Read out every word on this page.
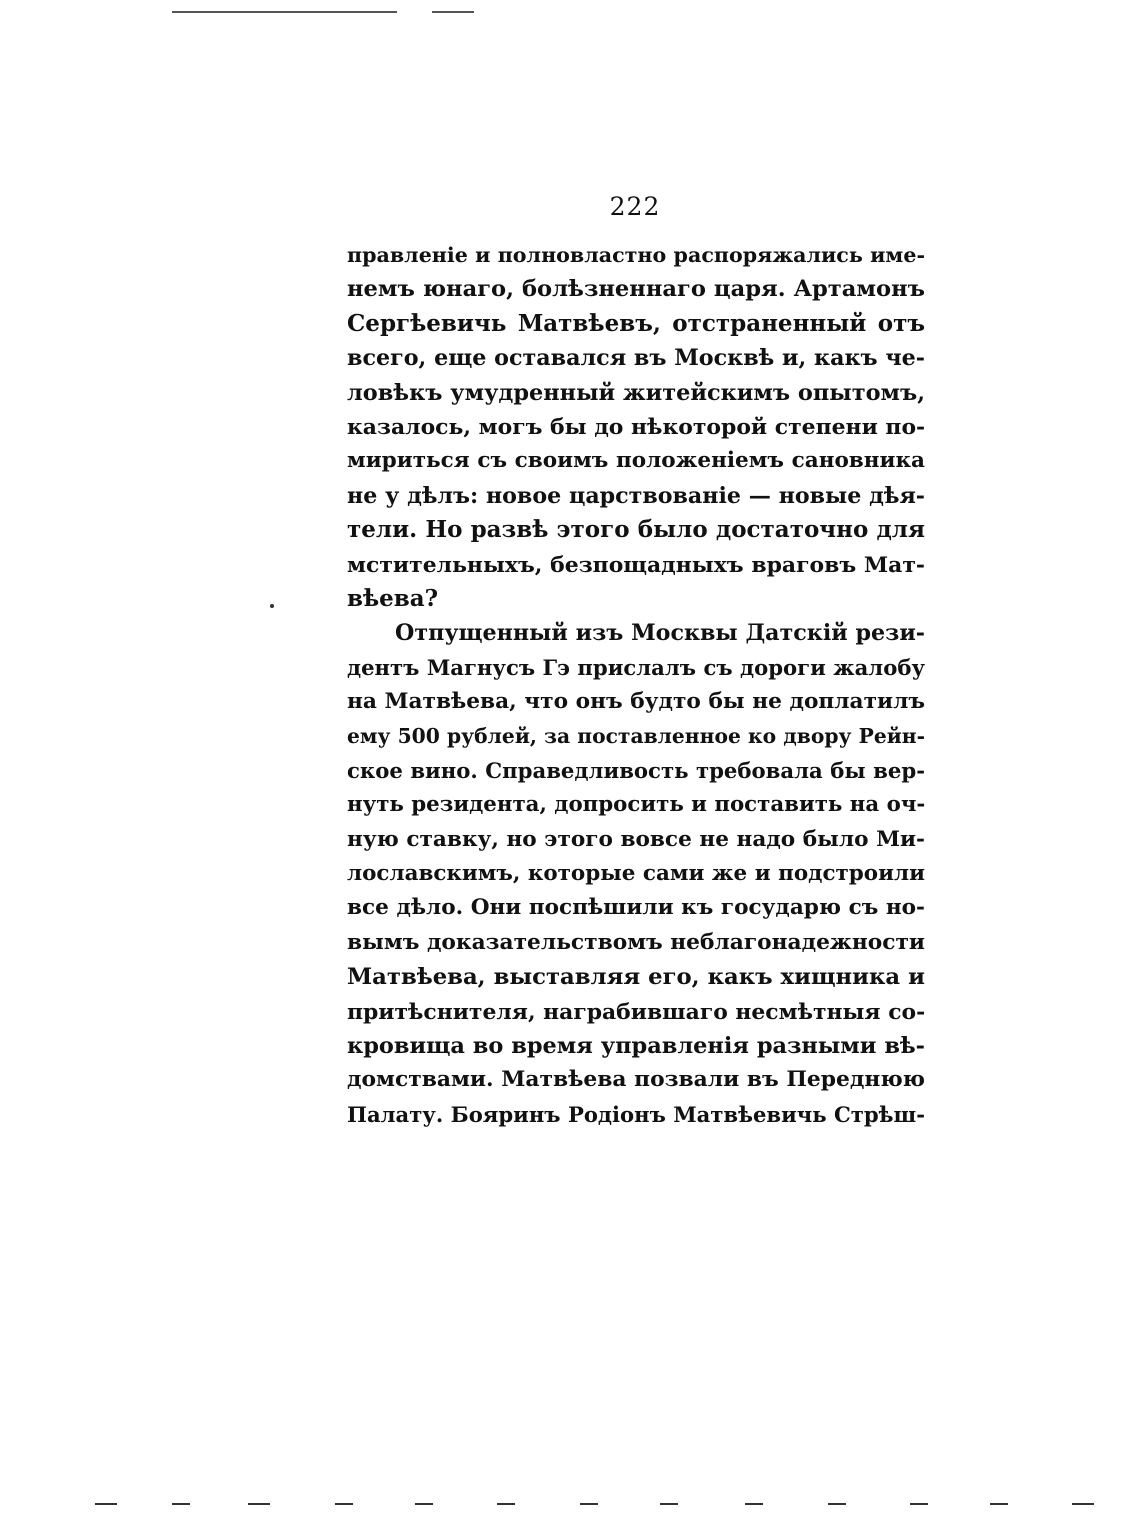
222
правленіе и полновластно распоряжались име-
немъ юнаго, болѣзненнаго царя. Артамонъ
Сергѣевичь Матвѣевъ, отстраненный отъ
всего, еще оставался въ Москвѣ и, какъ че-
ловѣкъ умудренный житейскимъ опытомъ,
казалось, могъ бы до нѣкоторой степени по-
мириться съ своимъ положеніемъ сановника
не у дѣлъ: новое царствованіе — новые дѣя-
тели. Но развѣ этого было достаточно для
мстительныхъ, безпощадныхъ враговъ Мат-
вѣева?
Отпущенный изъ Москвы Датскій рези-
дентъ Магнусъ Гэ прислалъ съ дороги жалобу
на Матвѣева, что онъ будто бы не доплатилъ
ему 500 рублей, за поставленное ко двору Рейн-
ское вино. Справедливость требовала бы вер-
нуть резидента, допросить и поставить на оч-
ную ставку, но этого вовсе не надо было Ми-
лославскимъ, которые сами же и подстроили
все дѣло. Они поспѣшили къ государю съ но-
вымъ доказательствомъ неблагонадежности
Матвѣева, выставляя его, какъ хищника и
притѣснителя, награбившаго несмѣтныя со-
кровища во время управленія разными вѣ-
домствами. Матвѣева позвали въ Переднюю
Палату. Бояринъ Родіонъ Матвѣевичь Стрѣш-
